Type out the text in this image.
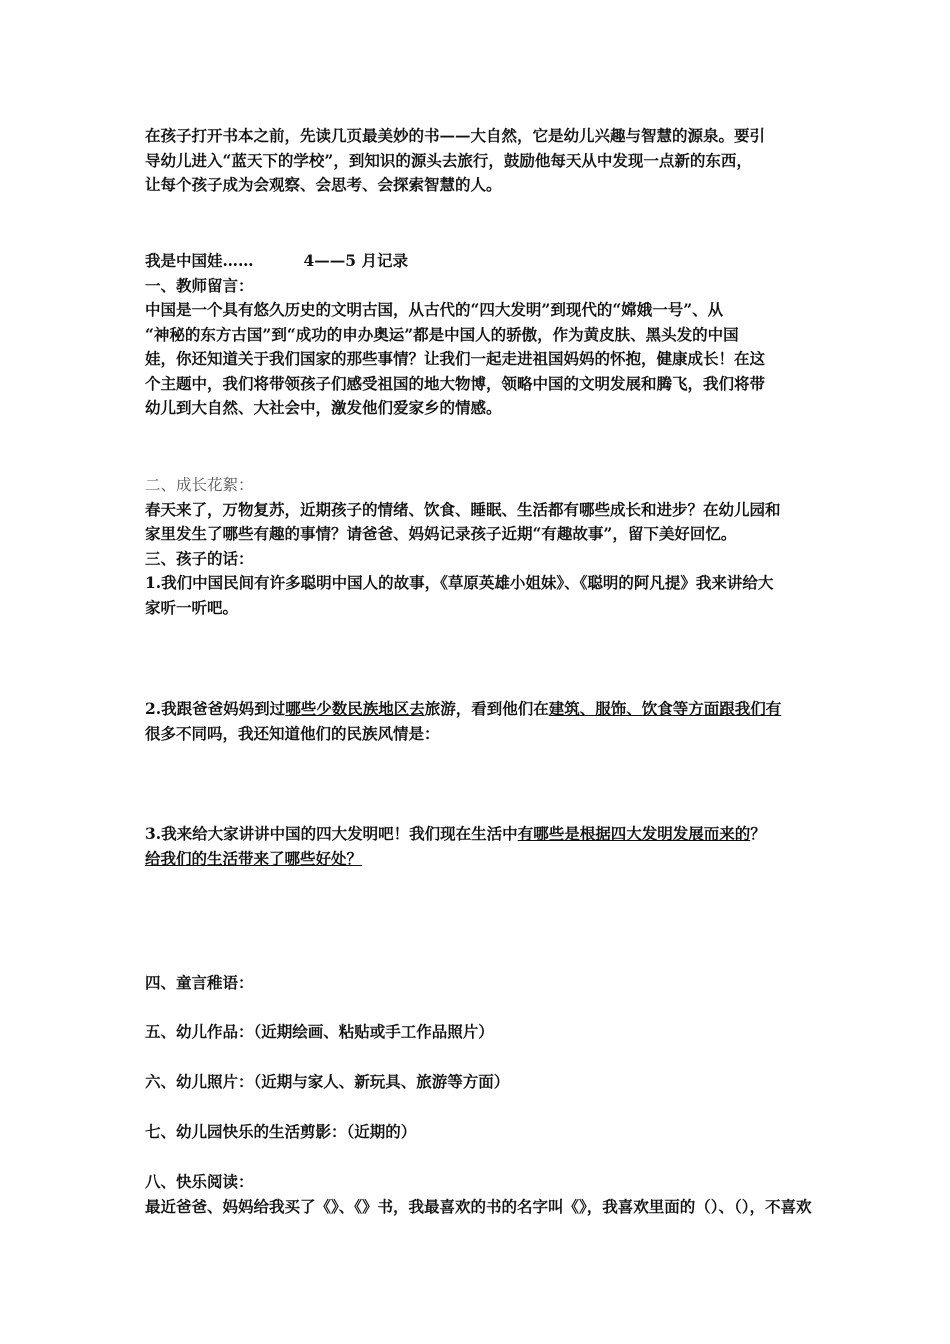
在孩子打开书本之前，先读几页最美妙的书——大自然，它是幼儿兴趣与智慧的源泉。要引
导幼儿进入“蓝天下的学校”，到知识的源头去旅行，鼓励他每天从中发现一点新的东西，
让每个孩子成为会观察、会思考、会探索智慧的人。
我是中国娃……	4——5 月记录
一、教师留言：
中国是一个具有悠久历史的文明古国，从古代的“四大发明”到现代的“嫦娥一号”、从
“神秘的东方古国”到“成功的申办奥运”都是中国人的骄傲，作为黄皮肤、黑头发的中国
娃，你还知道关于我们国家的那些事情？让我们一起走进祖国妈妈的怀抱，健康成长！在这
个主题中，我们将带领孩子们感受祖国的地大物博，领略中国的文明发展和腾飞，我们将带
幼儿到大自然、大社会中，激发他们爱家乡的情感。
二、成长花絮：
春天来了，万物复苏，近期孩子的情绪、饮食、睡眠、生活都有哪些成长和进步？在幼儿园和
家里发生了哪些有趣的事情？请爸爸、妈妈记录孩子近期“有趣故事”，留下美好回忆。
三、孩子的话：
1.我们中国民间有许多聪明中国人的故事，《草原英雄小姐妹》、《聪明的阿凡提》我来讲给大
家听一听吧。
2.我跟爸爸妈妈到过哪些少数民族地区去旅游，看到他们在建筑、服饰、饮食等方面跟我们有
很多不同吗，我还知道他们的民族风情是：
3.我来给大家讲讲中国的四大发明吧！我们现在生活中有哪些是根据四大发明发展而来的？
给我们的生活带来了哪些好处？
四、童言稚语：
五、幼儿作品：（近期绘画、粘贴或手工作品照片）
六、幼儿照片：（近期与家人、新玩具、旅游等方面）
七、幼儿园快乐的生活剪影：（近期的）
八、快乐阅读：
最近爸爸、妈妈给我买了《》、《》书，我最喜欢的书的名字叫《》，我喜欢里面的（）、（），不喜欢
